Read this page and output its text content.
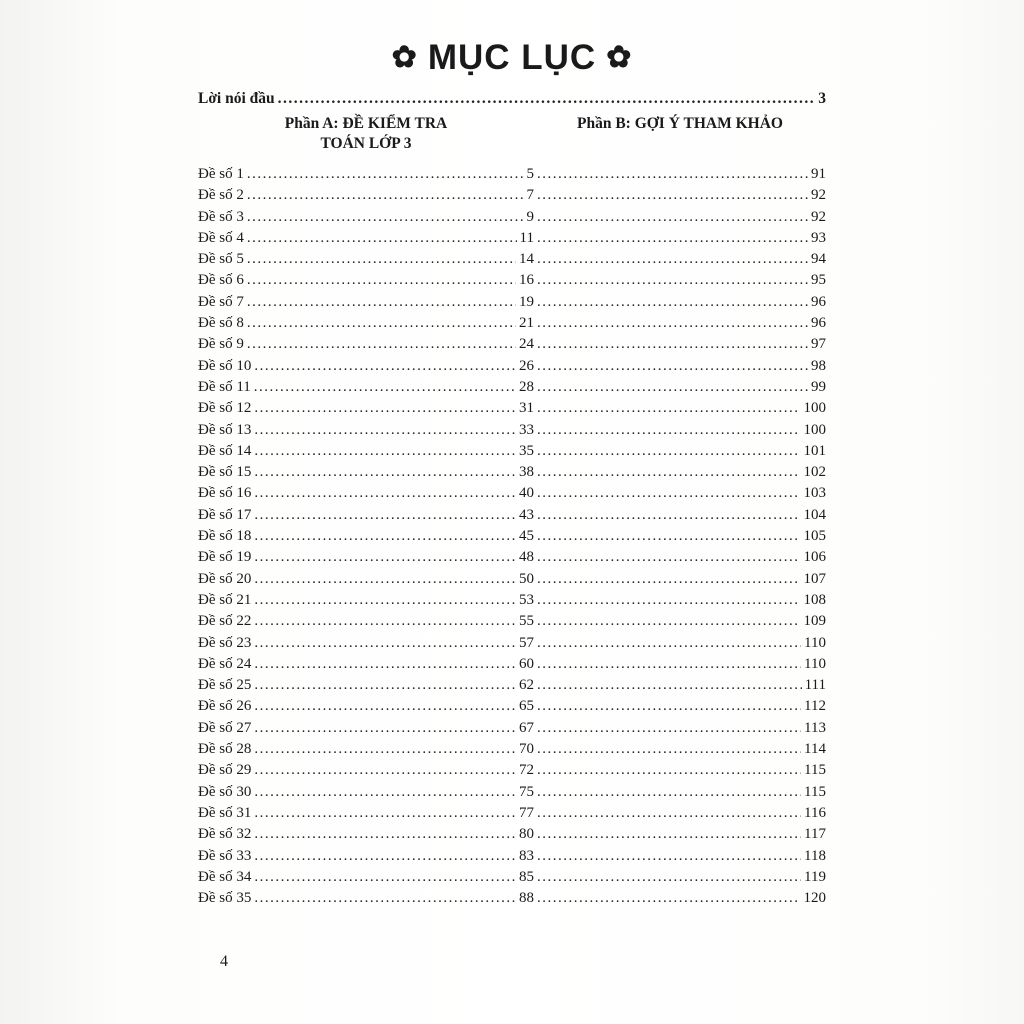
✿ MỤC LỤC ✿
Lời nói đầu .....	3
Phần A: ĐỀ KIỂM TRA
TOÁN LỚP 3
Phần B: GỢI Ý THAM KHẢO
Đề số 1 .....	5 .....	91
Đề số 2 .....	7 .....	92
Đề số 3 .....	9 .....	92
Đề số 4 .....	11 .....	93
Đề số 5 .....	14 .....	94
Đề số 6 .....	16 .....	95
Đề số 7 .....	19 .....	96
Đề số 8 .....	21 .....	96
Đề số 9 .....	24 .....	97
Đề số 10 .....	26 .....	98
Đề số 11 .....	28 .....	99
Đề số 12 .....	31 .....	100
Đề số 13 .....	33 .....	100
Đề số 14 .....	35 .....	101
Đề số 15 .....	38 .....	102
Đề số 16 .....	40 .....	103
Đề số 17 .....	43 .....	104
Đề số 18 .....	45 .....	105
Đề số 19 .....	48 .....	106
Đề số 20 .....	50 .....	107
Đề số 21 .....	53 .....	108
Đề số 22 .....	55 .....	109
Đề số 23 .....	57 .....	110
Đề số 24 .....	60 .....	110
Đề số 25 .....	62 .....	111
Đề số 26 .....	65 .....	112
Đề số 27 .....	67 .....	113
Đề số 28 .....	70 .....	114
Đề số 29 .....	72 .....	115
Đề số 30 .....	75 .....	115
Đề số 31 .....	77 .....	116
Đề số 32 .....	80 .....	117
Đề số 33 .....	83 .....	118
Đề số 34 .....	85 .....	119
Đề số 35 .....	88 .....	120
4
